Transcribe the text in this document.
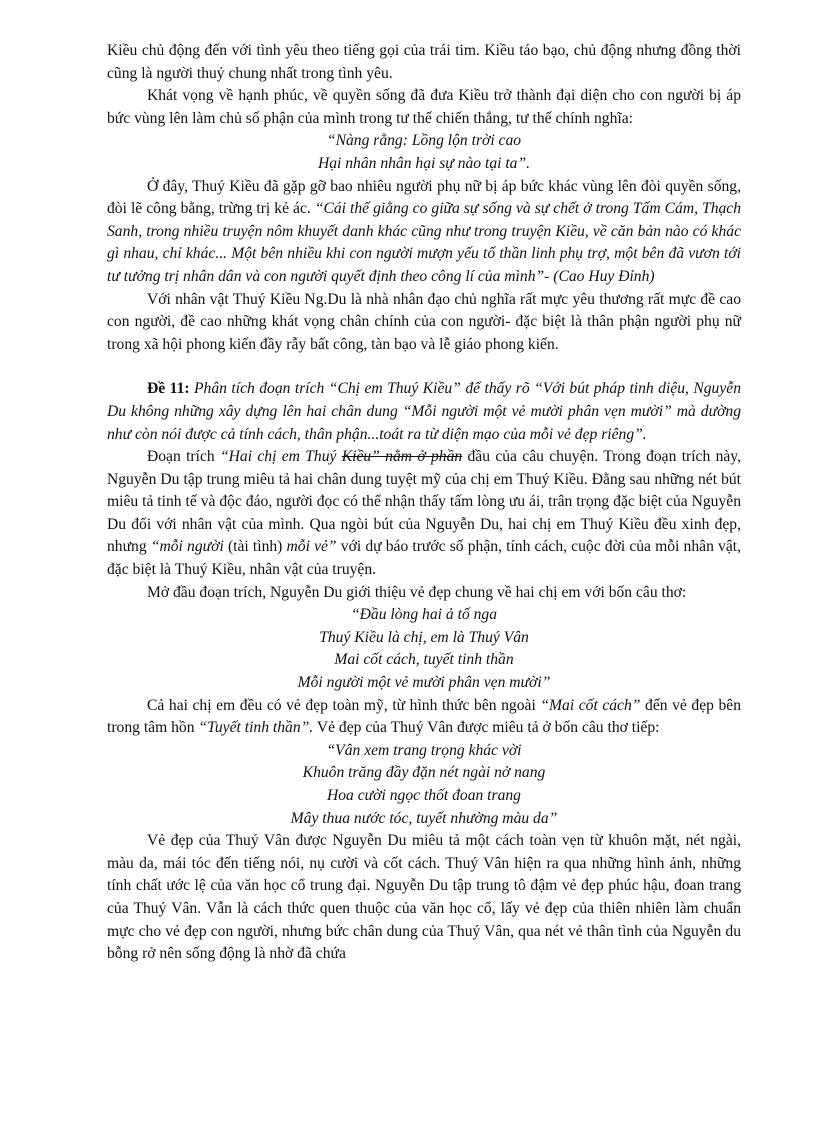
Kiều chủ động đến với tình yêu theo tiếng gọi của trái tim. Kiều táo bạo, chủ động nhưng đồng thời cũng là người thuỷ chung nhất trong tình yêu.

Khát vọng về hạnh phúc, về quyền sống đã đưa Kiều trở thành đại diện cho con người bị áp bức vùng lên làm chủ số phận của mình trong tư thế chiến thắng, tư thế chính nghĩa:

“Nàng rằng: Lồng lộn trời cao
Hại nhân nhân hại sự nào tại ta”.

Ở đây, Thuý Kiều đã gặp gỡ bao nhiêu người phụ nữ bị áp bức khác vùng lên đòi quyền sống, đòi lẽ công bằng, trừng trị kẻ ác. “Cái thế giằng co giữa sự sống và sự chết ở trong Tấm Cám, Thạch Sanh, trong nhiều truyện nôm khuyết danh khác cũng như trong truyện Kiều, về căn bản nào có khác gì nhau, chỉ khác... Một bên nhiều khi con người mượn yếu tố thần linh phụ trợ, một bên đã vươn tới tư tưởng trị nhân dân và con người quyết định theo công lí của mình”- (Cao Huy Đỉnh)

Với nhân vật Thuý Kiều Ng.Du là nhà nhân đạo chủ nghĩa rất mực yêu thương rất mực đề cao con người, đề cao những khát vọng chân chính của con người- đặc biệt là thân phận người phụ nữ trong xã hội phong kiến đầy rẫy bất công, tàn bạo và lễ giáo phong kiến.

Đề 11: Phân tích đoạn trích “Chị em Thuý Kiều” để thấy rõ “Với bút pháp tinh diệu, Nguyễn Du không những xây dựng lên hai chân dung “Mỗi người một vẻ mười phân vẹn mười” mà dường như còn nói được cả tính cách, thân phận...toát ra từ diện mạo của mỗi vẻ đẹp riêng”.

Đoạn trích “Hai chị em Thuý Kiều” nằm ở phần đầu của câu chuyện. Trong đoạn trích này, Nguyễn Du tập trung miêu tả hai chân dung tuyệt mỹ của chị em Thuý Kiều. Đằng sau những nét bút miêu tả tinh tế và độc đáo, người đọc có thể nhận thấy tấm lòng ưu ái, trân trọng đặc biệt của Nguyễn Du đối với nhân vật của mình. Qua ngòi bút của Nguyễn Du, hai chị em Thuý Kiều đều xinh đẹp, nhưng “mỗi người (tài tình) mỗi vẻ” với dự báo trước số phận, tính cách, cuộc đời của mỗi nhân vật, đặc biệt là Thuý Kiều, nhân vật của truyện.

Mở đầu đoạn trích, Nguyễn Du giới thiệu vẻ đẹp chung về hai chị em với bốn câu thơ:

“Đầu lòng hai ả tố nga
Thuý Kiều là chị, em là Thuý Vân
Mai cốt cách, tuyết tinh thần
Mỗi người một vẻ mười phân vẹn mười”

Cả hai chị em đều có vẻ đẹp toàn mỹ, từ hình thức bên ngoài “Mai cốt cách” đến vẻ đẹp bên trong tâm hồn “Tuyết tinh thần”. Vẻ đẹp của Thuý Vân được miêu tả ở bốn câu thơ tiếp:

“Vân xem trang trọng khác vời
Khuôn trăng đầy đặn nét ngài nở nang
Hoa cười ngọc thốt đoan trang
Mây thua nước tóc, tuyết nhường màu da”

Vẻ đẹp của Thuý Vân được Nguyễn Du miêu tả một cách toàn vẹn từ khuôn mặt, nét ngài, màu da, mái tóc đến tiếng nói, nụ cười và cốt cách. Thuý Vân hiện ra qua những hình ảnh, những tính chất ước lệ của văn học cổ trung đại. Nguyễn Du tập trung tô đậm vẻ đẹp phúc hậu, đoan trang của Thuý Vân. Vẫn là cách thức quen thuộc của văn học cổ, lấy vẻ đẹp của thiên nhiên làm chuẩn mực cho vẻ đẹp con người, nhưng bức chân dung của Thuý Vân, qua nét vẻ thân tình của Nguyễn du bỗng rở nên sống động là nhờ đã chứa
